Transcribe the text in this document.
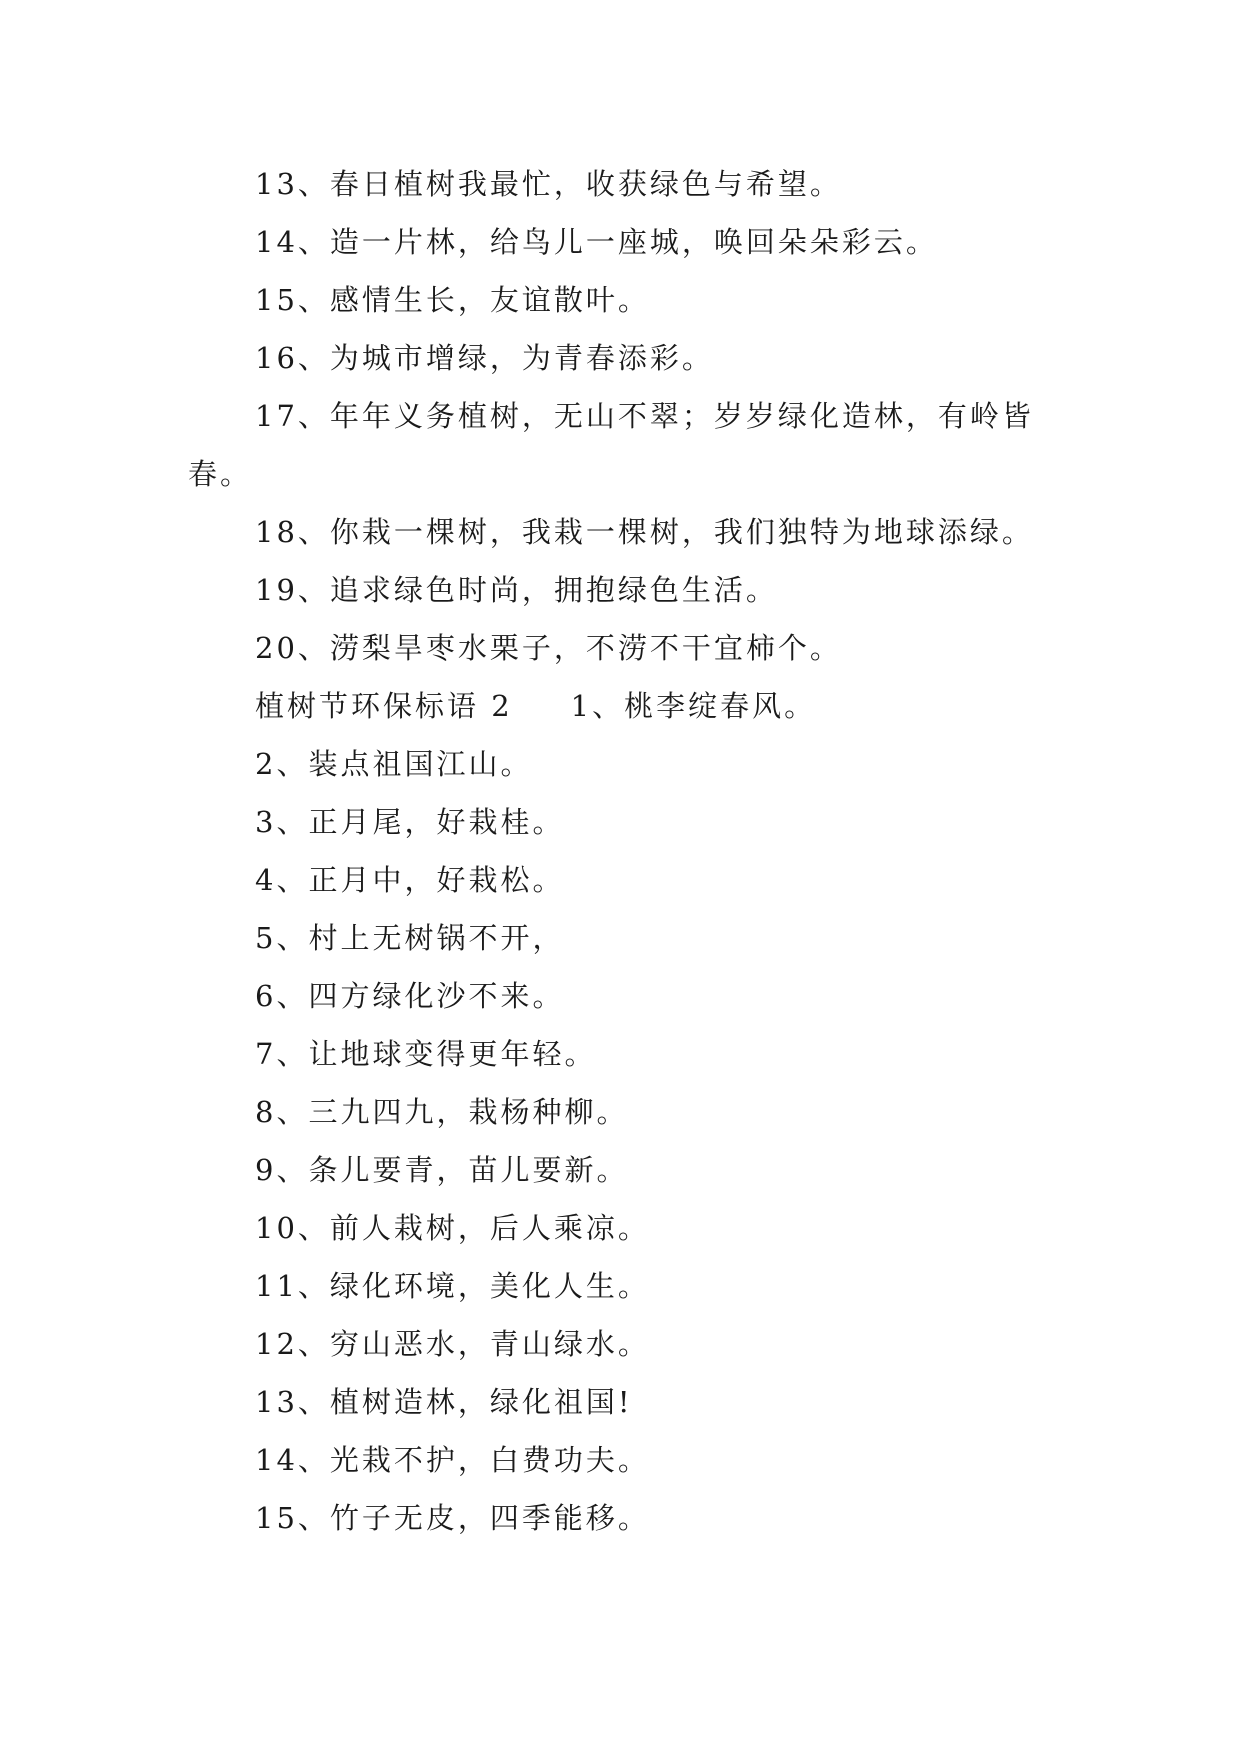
13、春日植树我最忙，收获绿色与希望。

14、造一片林，给鸟儿一座城，唤回朵朵彩云。

15、感情生长，友谊散叶。

16、为城市增绿，为青春添彩。

17、年年义务植树，无山不翠；岁岁绿化造林，有岭皆春。

18、你栽一棵树，我栽一棵树，我们独特为地球添绿。

19、追求绿色时尚，拥抱绿色生活。

20、涝梨旱枣水栗子，不涝不干宜柿个。

植树节环保标语 2 1、桃李绽春风。

2、装点祖国江山。

3、正月尾，好栽桂。

4、正月中，好栽松。

5、村上无树锅不开，

6、四方绿化沙不来。

7、让地球变得更年轻。

8、三九四九，栽杨种柳。

9、条儿要青，苗儿要新。

10、前人栽树，后人乘凉。

11、绿化环境，美化人生。

12、穷山恶水，青山绿水。

13、植树造林，绿化祖国!

14、光栽不护，白费功夫。

15、竹子无皮，四季能移。
